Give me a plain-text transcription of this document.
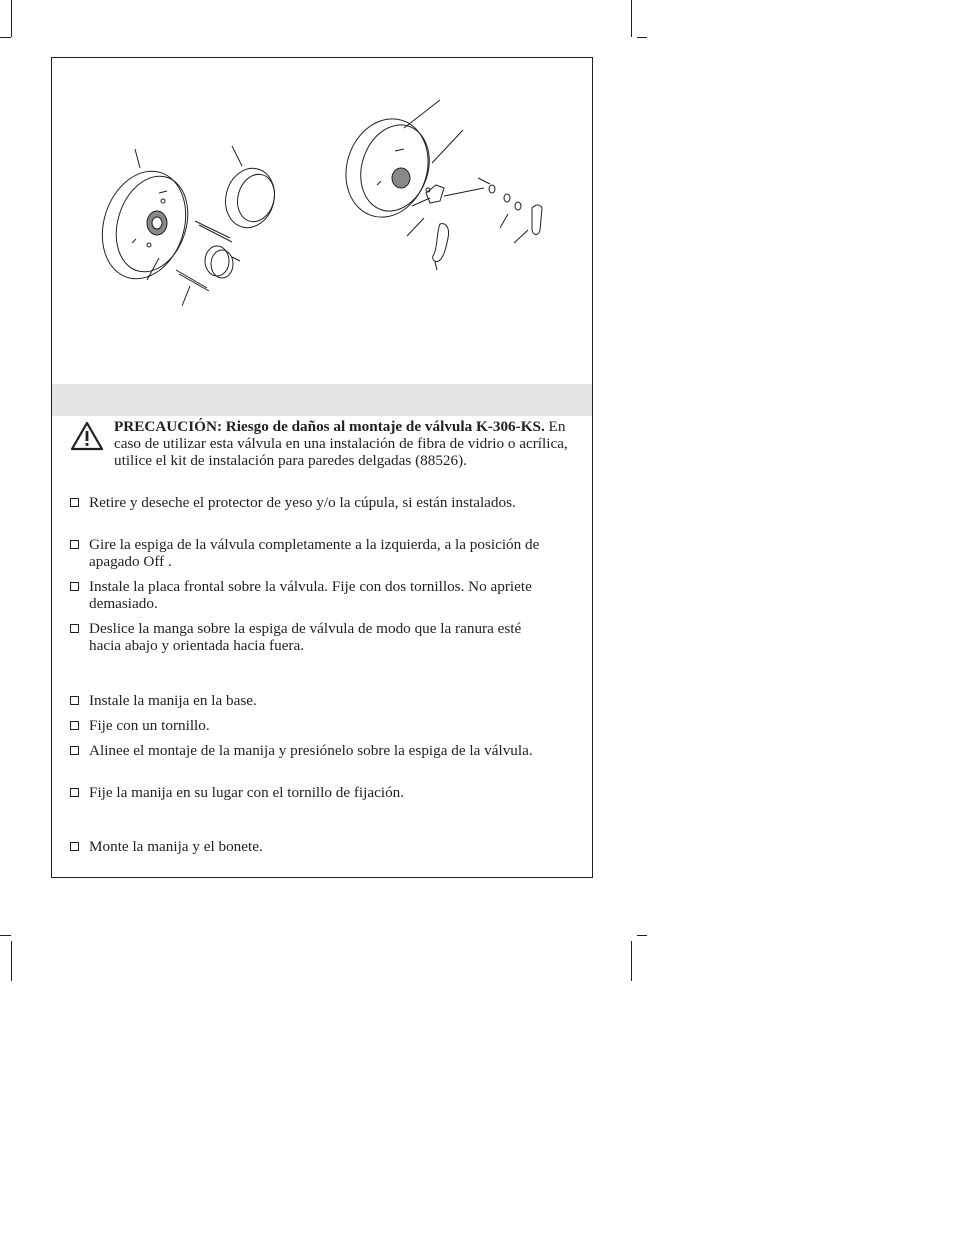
PRECAUCIÓN: Riesgo de daños al montaje de válvula K-306-KS. En caso de utilizar esta válvula en una instalación de fibra de vidrio o acrílica, utilice el kit de instalación para paredes delgadas (88526).
Retire y deseche el protector de yeso y/o la cúpula, si están instalados.
Gire la espiga de la válvula completamente a la izquierda, a la posición de apagado Off .
Instale la placa frontal sobre la válvula. Fije con dos tornillos. No apriete demasiado.
Deslice la manga sobre la espiga de válvula de modo que la ranura esté hacia abajo y orientada hacia fuera.
Instale la manija en la base.
Fije con un tornillo.
Alinee el montaje de la manija y presiónelo sobre la espiga de la válvula.
Fije la manija en su lugar con el tornillo de fijación.
Monte la manija y el bonete.
